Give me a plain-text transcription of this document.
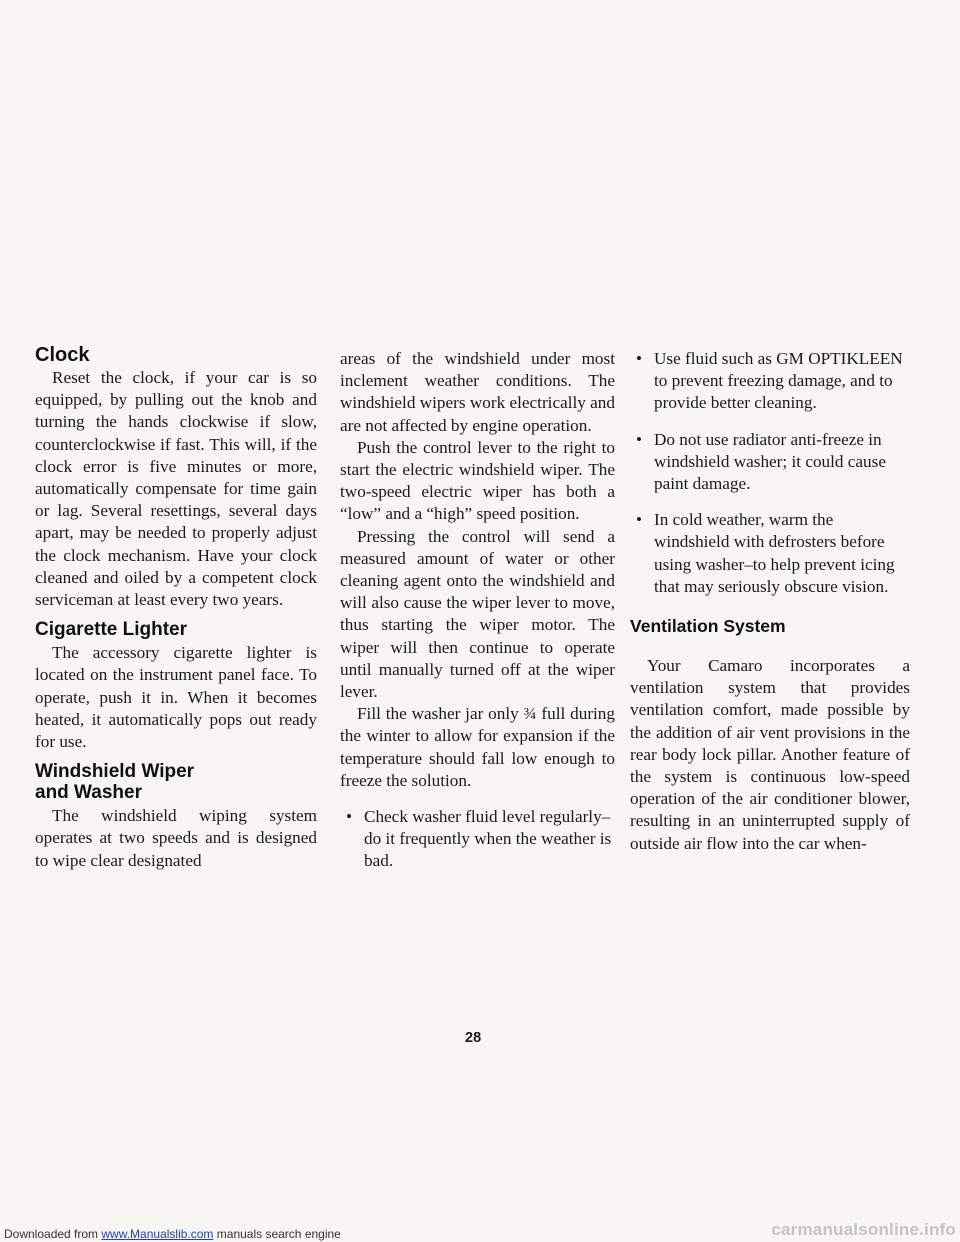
Clock

Reset the clock, if your car is so equipped, by pulling out the knob and turning the hands clockwise if slow, counterclockwise if fast. This will, if the clock error is five minutes or more, automatically compensate for time gain or lag. Several resettings, several days apart, may be needed to properly adjust the clock mechanism. Have your clock cleaned and oiled by a competent clock serviceman at least every two years.

Cigarette Lighter

The accessory cigarette lighter is located on the instrument panel face. To operate, push it in. When it becomes heated, it automatically pops out ready for use.

Windshield Wiper
and Washer

The windshield wiping system operates at two speeds and is designed to wipe clear designated

areas of the windshield under most inclement weather conditions. The windshield wipers work electrically and are not affected by engine operation.

Push the control lever to the right to start the electric windshield wiper. The two-speed electric wiper has both a “low” and a “high” speed position.

Pressing the control will send a measured amount of water or other cleaning agent onto the windshield and will also cause the wiper lever to move, thus starting the wiper motor. The wiper will then continue to operate until manually turned off at the wiper lever.

Fill the washer jar only ¾ full during the winter to allow for expansion if the temperature should fall low enough to freeze the solution.

• Check washer fluid level regularly–do it frequently when the weather is bad.
• Use fluid such as GM OPTIKLEEN to prevent freezing damage, and to provide better cleaning.
• Do not use radiator anti-freeze in windshield washer; it could cause paint damage.
• In cold weather, warm the windshield with defrosters before using washer–to help prevent icing that may seriously obscure vision.
Ventilation System

Your Camaro incorporates a ventilation system that provides ventilation comfort, made possible by the addition of air vent provisions in the rear body lock pillar. Another feature of the system is continuous low-speed operation of the air conditioner blower, resulting in an uninterrupted supply of outside air flow into the car when-

28
Downloaded from www.Manualslib.com manuals search engine	carmanualsonline.info
